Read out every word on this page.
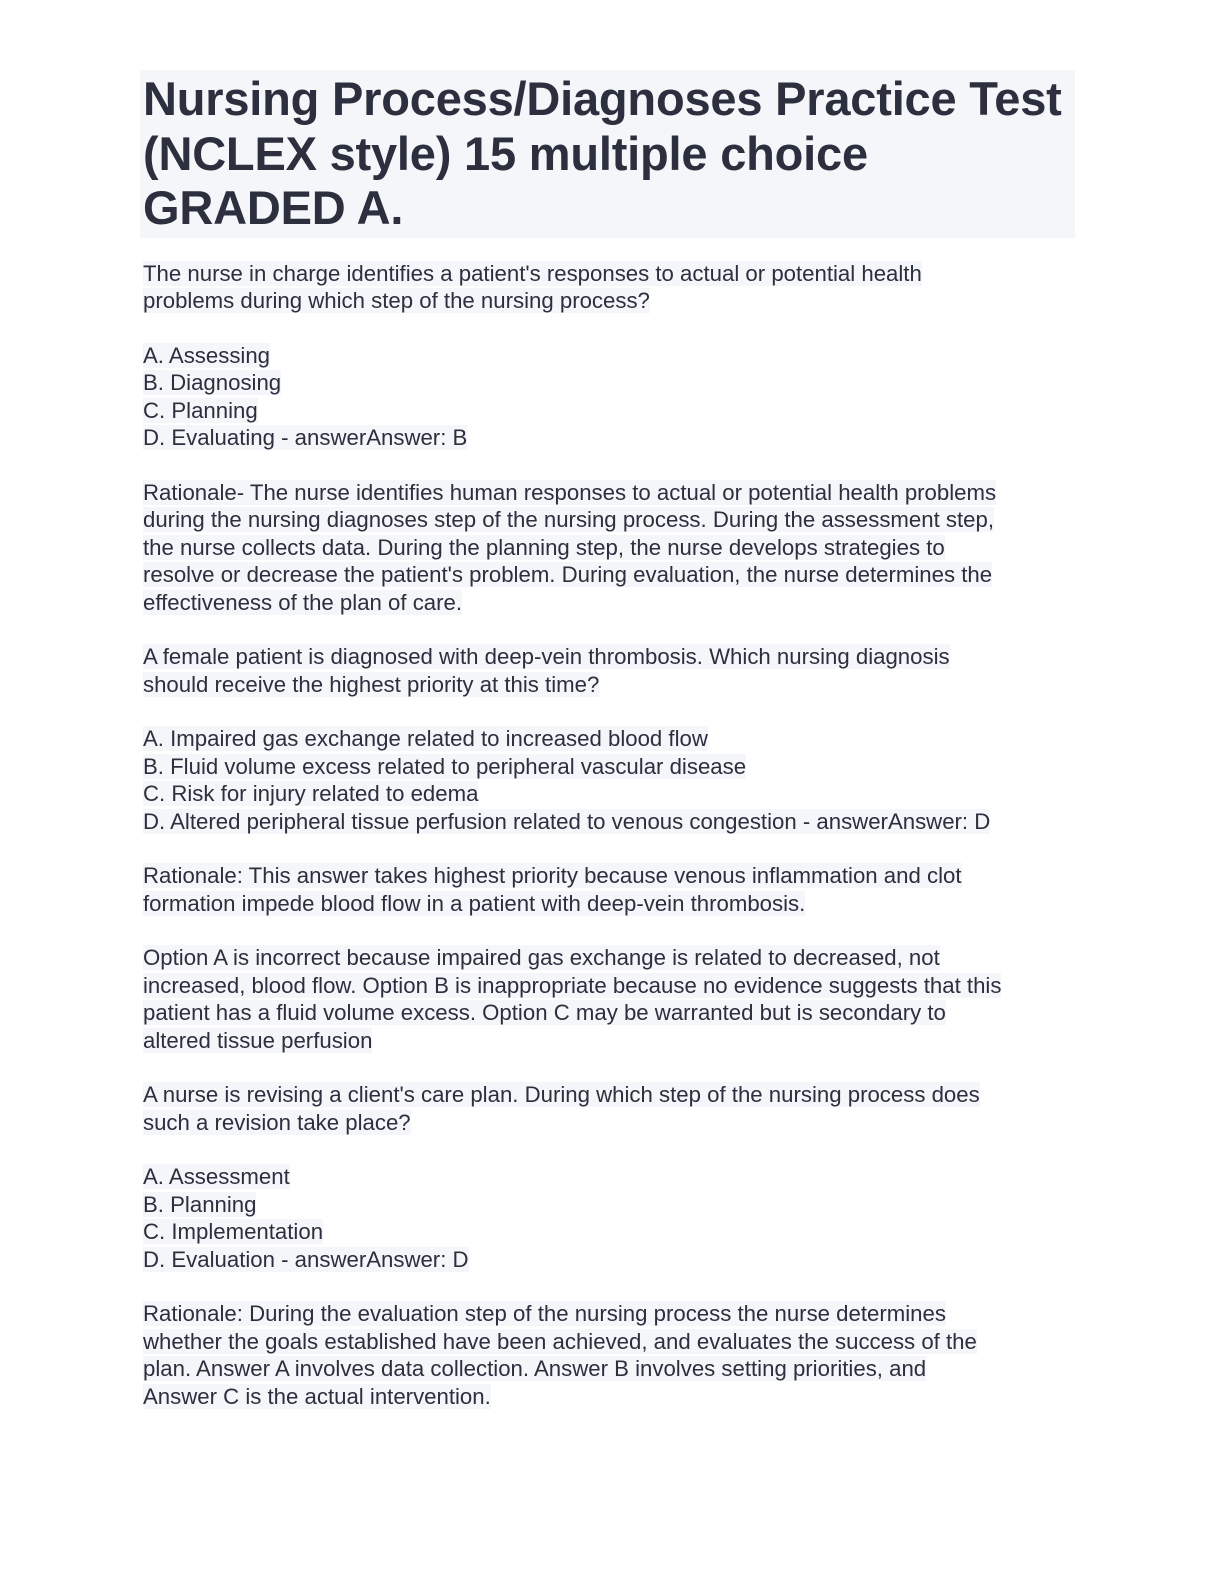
Nursing Process/Diagnoses Practice Test (NCLEX style) 15 multiple choice GRADED A.
The nurse in charge identifies a patient's responses to actual or potential health
problems during which step of the nursing process?
A. Assessing
B. Diagnosing
C. Planning
D. Evaluating - answerAnswer: B
Rationale- The nurse identifies human responses to actual or potential health problems
during the nursing diagnoses step of the nursing process. During the assessment step,
the nurse collects data. During the planning step, the nurse develops strategies to
resolve or decrease the patient's problem. During evaluation, the nurse determines the
effectiveness of the plan of care.
A female patient is diagnosed with deep-vein thrombosis. Which nursing diagnosis
should receive the highest priority at this time?
A. Impaired gas exchange related to increased blood flow
B. Fluid volume excess related to peripheral vascular disease
C. Risk for injury related to edema
D. Altered peripheral tissue perfusion related to venous congestion - answerAnswer: D
Rationale: This answer takes highest priority because venous inflammation and clot
formation impede blood flow in a patient with deep-vein thrombosis.
Option A is incorrect because impaired gas exchange is related to decreased, not
increased, blood flow. Option B is inappropriate because no evidence suggests that this
patient has a fluid volume excess. Option C may be warranted but is secondary to
altered tissue perfusion
A nurse is revising a client's care plan. During which step of the nursing process does
such a revision take place?
A. Assessment
B. Planning
C. Implementation
D. Evaluation - answerAnswer: D
Rationale: During the evaluation step of the nursing process the nurse determines
whether the goals established have been achieved, and evaluates the success of the
plan. Answer A involves data collection. Answer B involves setting priorities, and
Answer C is the actual intervention.
